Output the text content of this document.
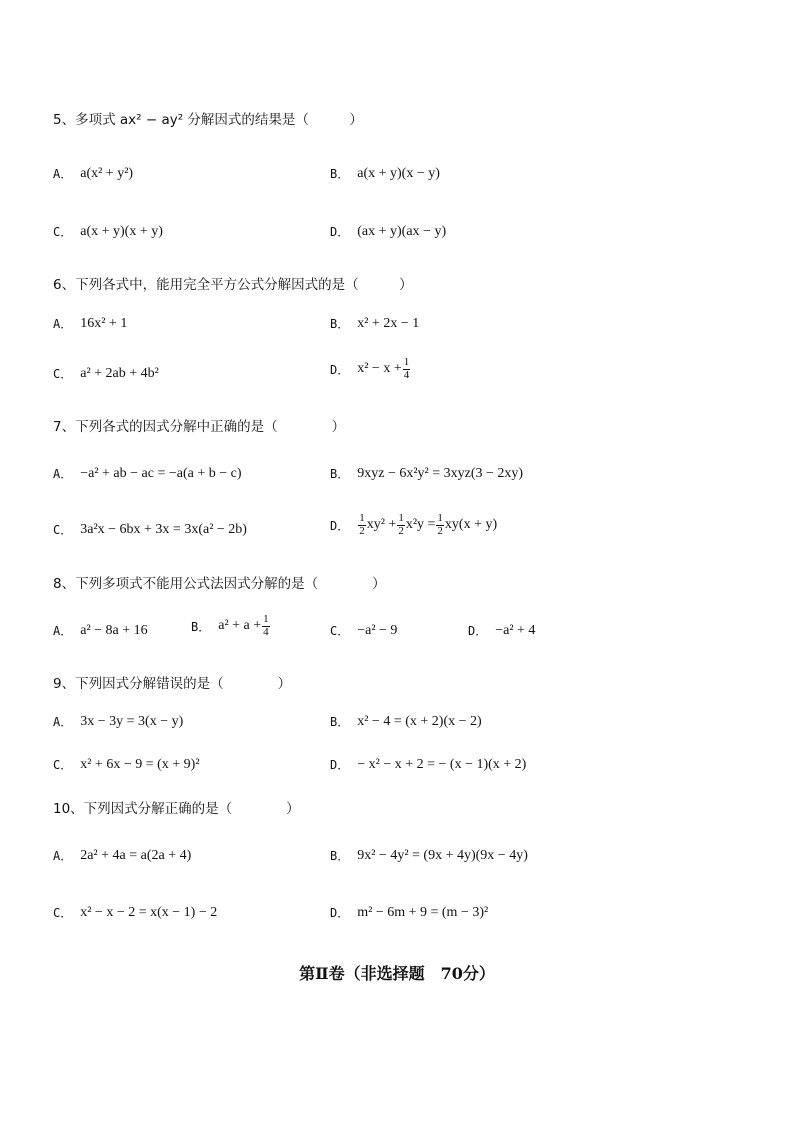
5、多项式 ax² − ay² 分解因式的结果是（　　　）
A． a(x² + y²)	B． a(x + y)(x − y)
C． a(x + y)(x + y)	D． (ax + y)(ax − y)
6、下列各式中，能用完全平方公式分解因式的是（　　　）
A． 16x² + 1	B． x² + 2x − 1
C． a² + 2ab + 4b²	D． $x^2 - x + \frac{1}{4}$
7、下列各式的因式分解中正确的是（　　　　）
A． −a² + ab − ac = −a(a + b − c)	B． 9xyz − 6x²y² = 3xyz(3 − 2xy)
C． 3a²x − 6bx + 3x = 3x(a² − 2b)	D． $\frac{1}{2} xy^2 + \frac{1}{2} x^2y = \frac{1}{2} xy(x + y)$
8、下列多项式不能用公式法因式分解的是（　　　　）
A． a² − 8a + 16	B． $a^2 + a + \frac{1}{4}$	C． −a² − 9	D． −a² + 4
9、下列因式分解错误的是（　　　　）
A． 3x − 3y = 3(x − y)	B． x² − 4 = (x + 2)(x − 2)
C． x² + 6x − 9 = (x + 9)²	D． − x² − x + 2 = − (x − 1)(x + 2)
10、下列因式分解正确的是（　　　　）
A． 2a² + 4a = a(2a + 4)	B． 9x² − 4y² = (9x + 4y)(9x − 4y)
C． x² − x − 2 = x(x − 1) − 2	D． m² − 6m + 9 = (m − 3)²
第Ⅱ卷（非选择题　70分）
